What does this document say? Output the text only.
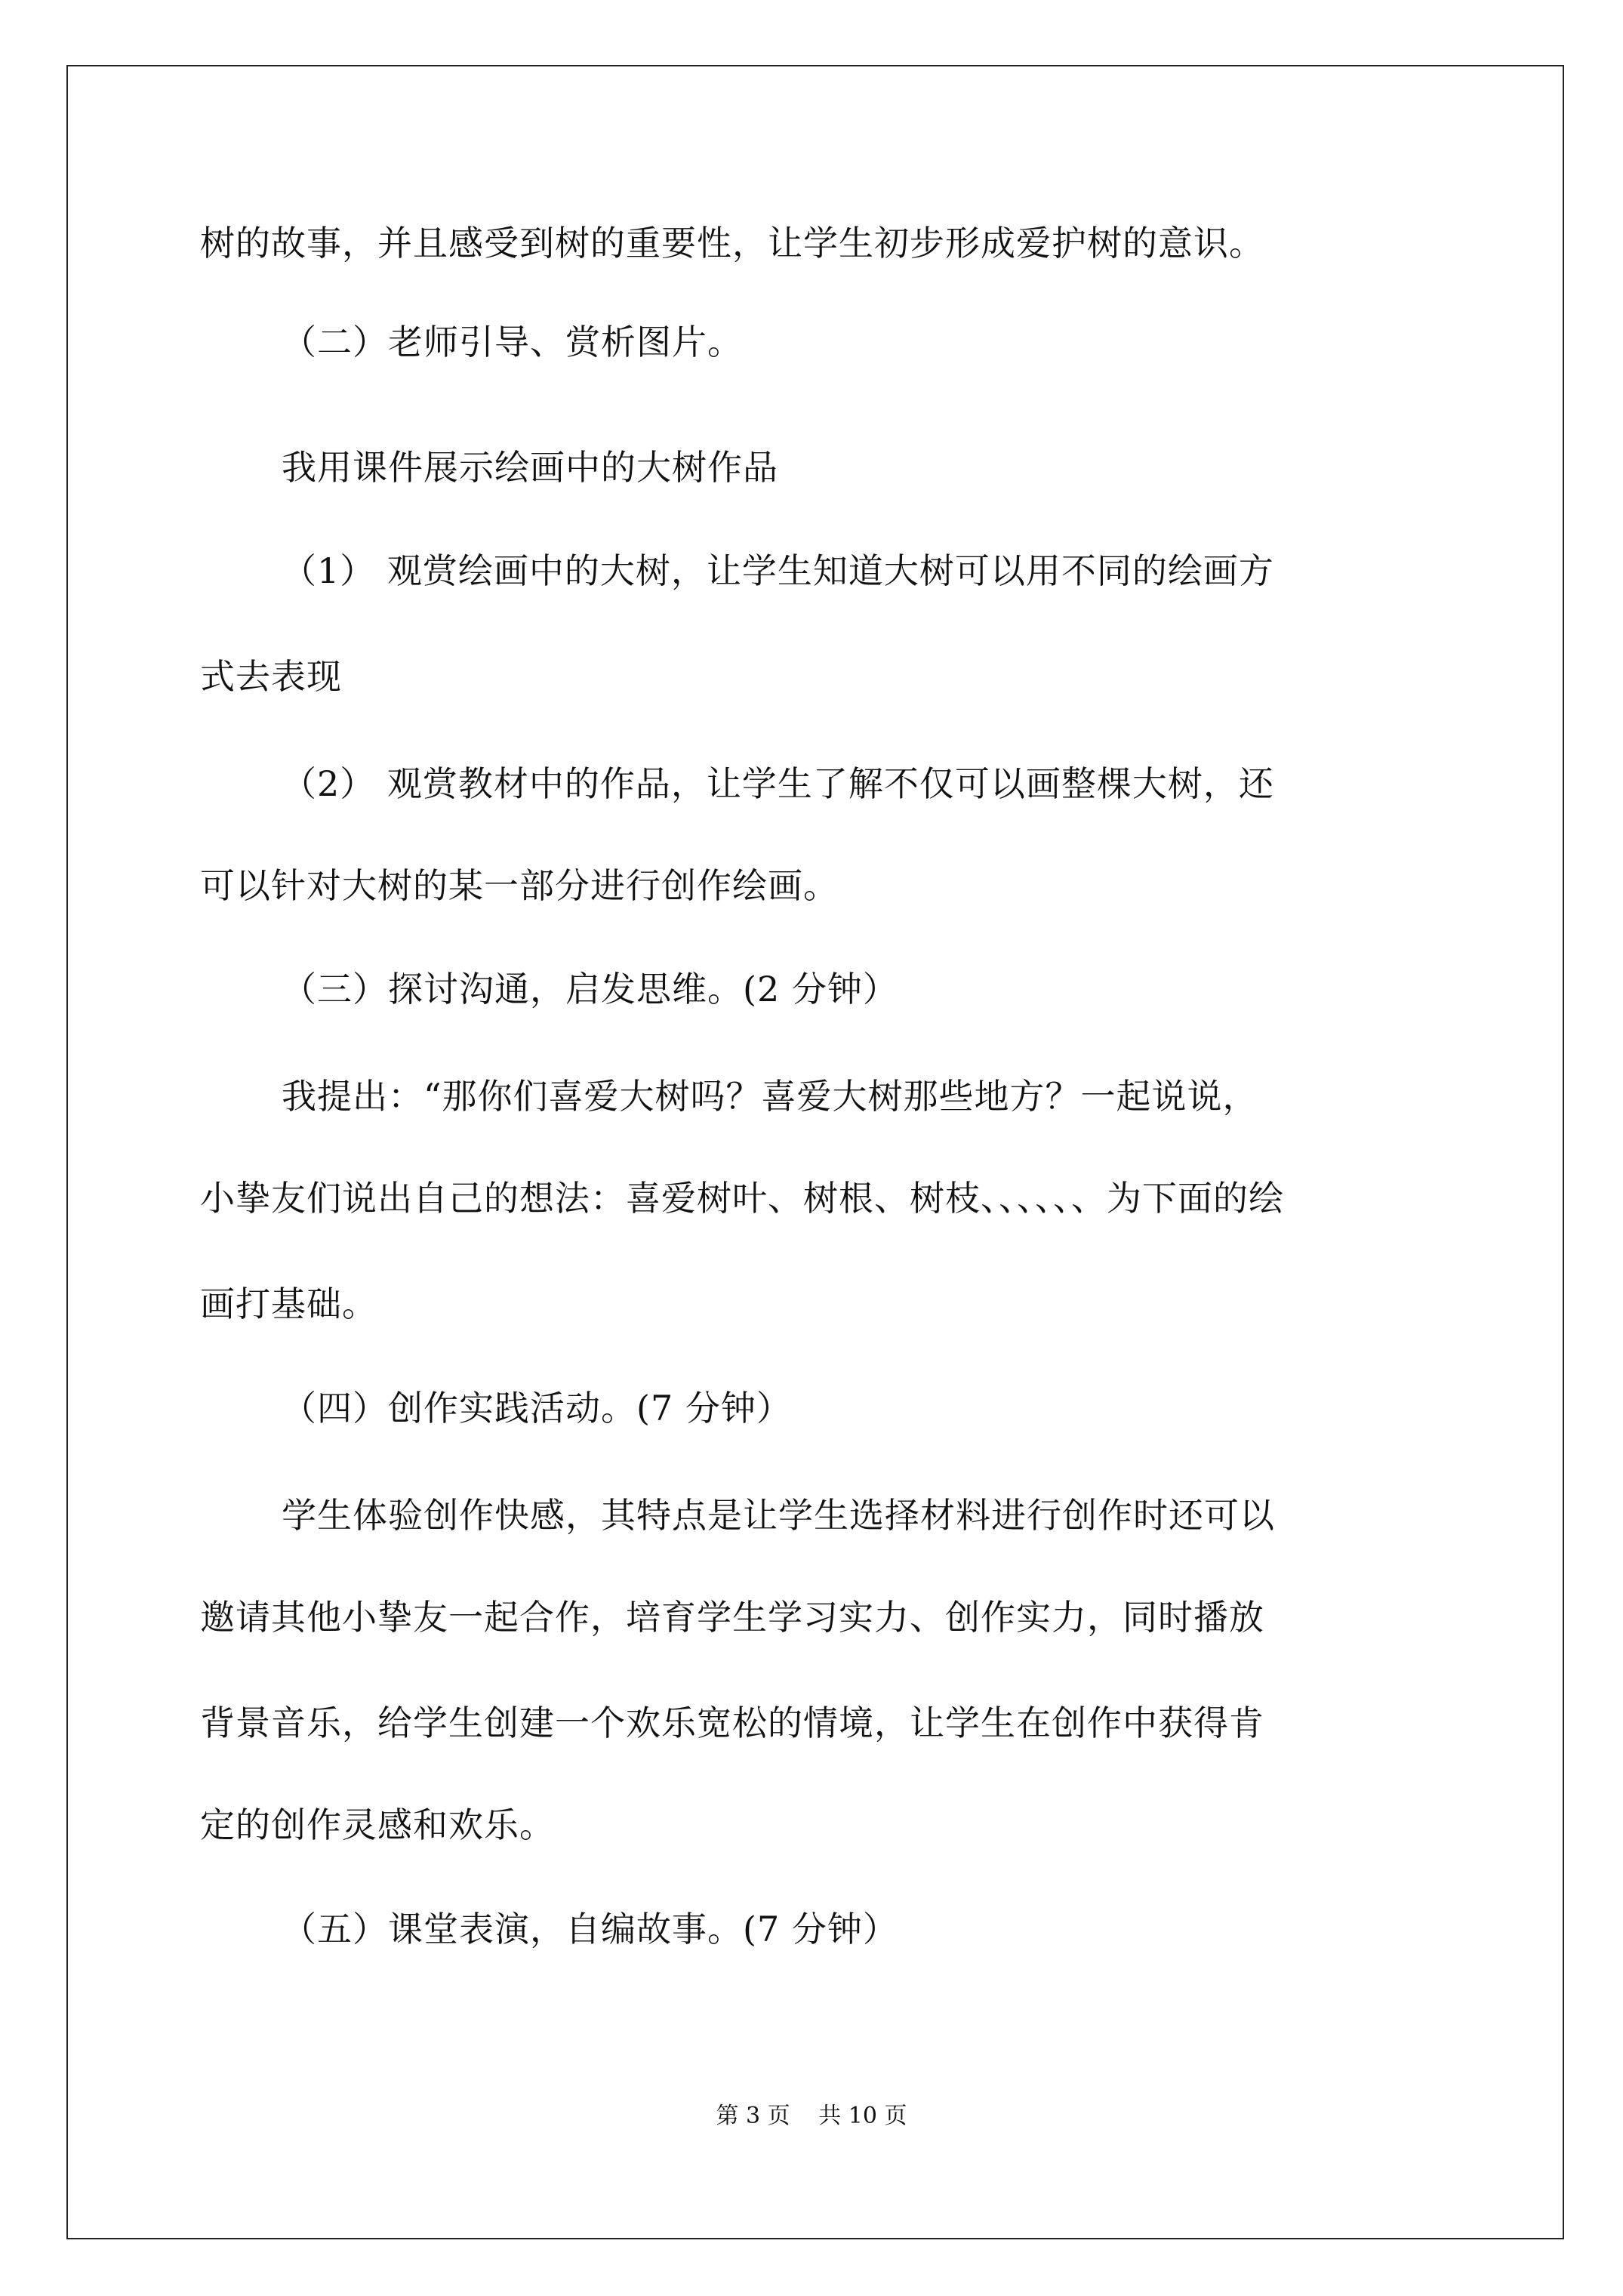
树的故事，并且感受到树的重要性，让学生初步形成爱护树的意识。
（二）老师引导、赏析图片。
我用课件展示绘画中的大树作品
（1） 观赏绘画中的大树，让学生知道大树可以用不同的绘画方
式去表现
（2） 观赏教材中的作品，让学生了解不仅可以画整棵大树，还
可以针对大树的某一部分进行创作绘画。
（三）探讨沟通，启发思维。(2 分钟）
我提出：“那你们喜爱大树吗？喜爱大树那些地方？一起说说，
小挚友们说出自己的想法：喜爱树叶、树根、树枝、、、、、、为下面的绘
画打基础。
（四）创作实践活动。(7 分钟）
学生体验创作快感，其特点是让学生选择材料进行创作时还可以
邀请其他小挚友一起合作，培育学生学习实力、创作实力，同时播放
背景音乐，给学生创建一个欢乐宽松的情境，让学生在创作中获得肯
定的创作灵感和欢乐。
（五）课堂表演，自编故事。(7 分钟）
第 3 页 共 10 页
